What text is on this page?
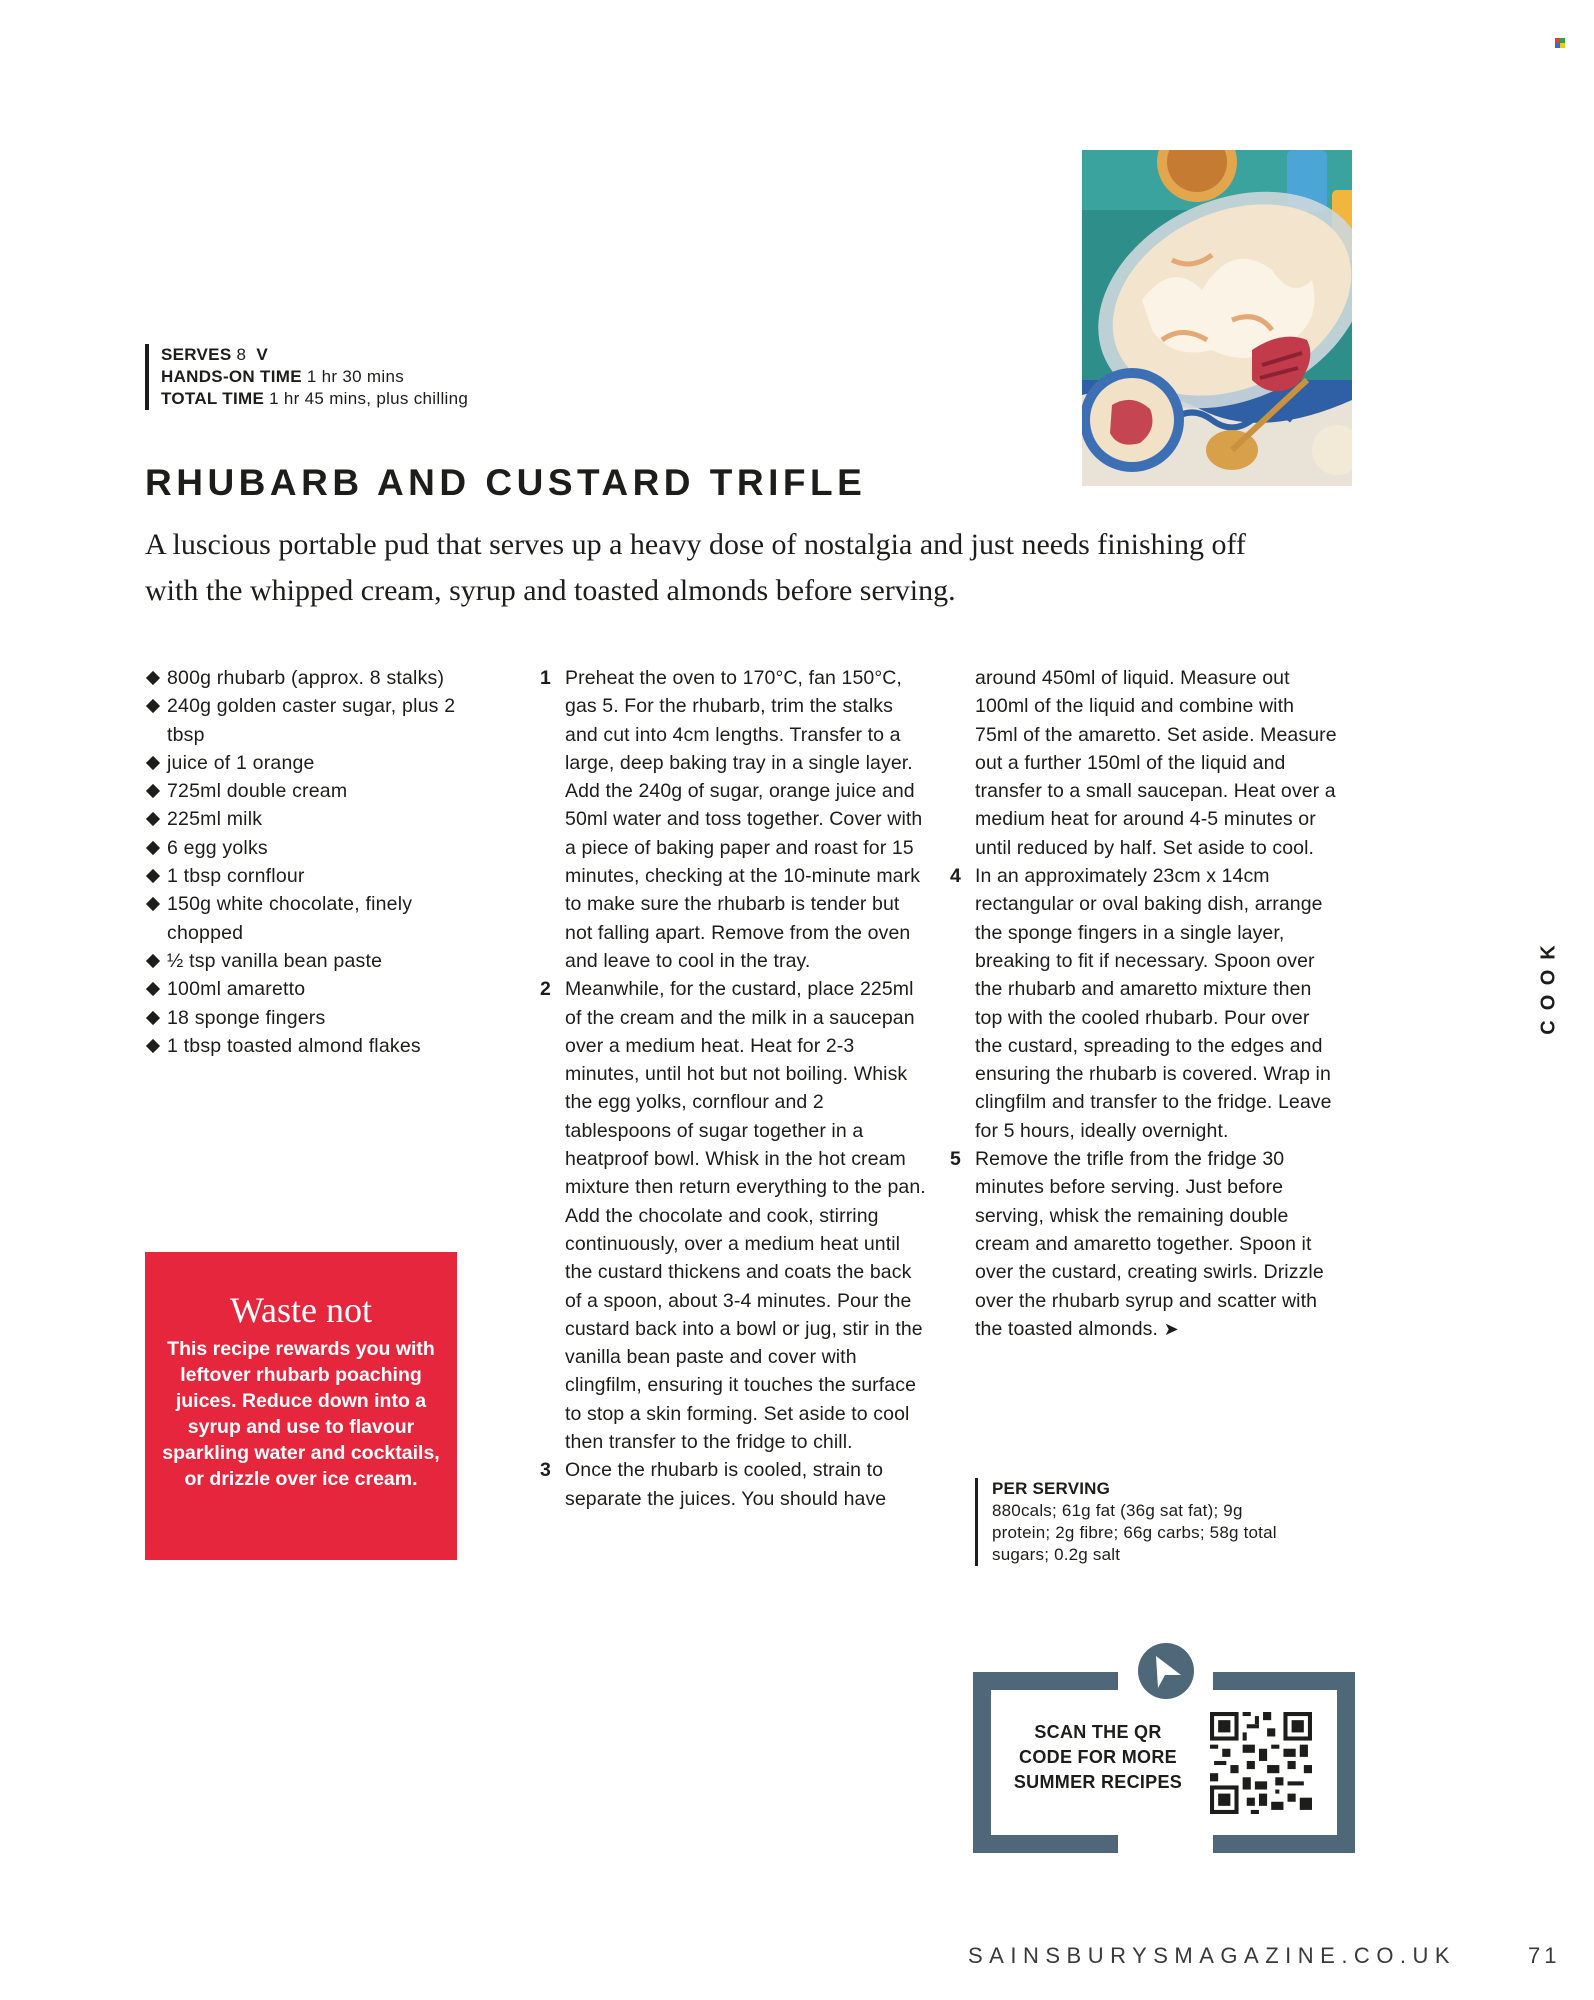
SERVES 8 V
HANDS-ON TIME 1 hr 30 mins
TOTAL TIME 1 hr 45 mins, plus chilling
RHUBARB AND CUSTARD TRIFLE

A luscious portable pud that serves up a heavy dose of nostalgia and just needs finishing off with the whipped cream, syrup and toasted almonds before serving.

800g rhubarb (approx. 8 stalks)
240g golden caster sugar, plus 2 tbsp
juice of 1 orange
725ml double cream
225ml milk
6 egg yolks
1 tbsp cornflour
150g white chocolate, finely chopped
½ tsp vanilla bean paste
100ml amaretto
18 sponge fingers
1 tbsp toasted almond flakes
1 Preheat the oven to 170°C, fan 150°C, gas 5. For the rhubarb, trim the stalks and cut into 4cm lengths. Transfer to a large, deep baking tray in a single layer. Add the 240g of sugar, orange juice and 50ml water and toss together. Cover with a piece of baking paper and roast for 15 minutes, checking at the 10-minute mark to make sure the rhubarb is tender but not falling apart. Remove from the oven and leave to cool in the tray.
2 Meanwhile, for the custard, place 225ml of the cream and the milk in a saucepan over a medium heat. Heat for 2-3 minutes, until hot but not boiling. Whisk the egg yolks, cornflour and 2 tablespoons of sugar together in a heatproof bowl. Whisk in the hot cream mixture then return everything to the pan. Add the chocolate and cook, stirring continuously, over a medium heat until the custard thickens and coats the back of a spoon, about 3-4 minutes. Pour the custard back into a bowl or jug, stir in the vanilla bean paste and cover with clingfilm, ensuring it touches the surface to stop a skin forming. Set aside to cool then transfer to the fridge to chill.
3 Once the rhubarb is cooled, strain to separate the juices. You should have
around 450ml of liquid. Measure out 100ml of the liquid and combine with 75ml of the amaretto. Set aside. Measure out a further 150ml of the liquid and transfer to a small saucepan. Heat over a medium heat for around 4-5 minutes or until reduced by half. Set aside to cool.
4 In an approximately 23cm x 14cm rectangular or oval baking dish, arrange the sponge fingers in a single layer, breaking to fit if necessary. Spoon over the rhubarb and amaretto mixture then top with the cooled rhubarb. Pour over the custard, spreading to the edges and ensuring the rhubarb is covered. Wrap in clingfilm and transfer to the fridge. Leave for 5 hours, ideally overnight.
5 Remove the trifle from the fridge 30 minutes before serving. Just before serving, whisk the remaining double cream and amaretto together. Spoon it over the custard, creating swirls. Drizzle over the rhubarb syrup and scatter with the toasted almonds. ➤
Waste not
This recipe rewards you with leftover rhubarb poaching juices. Reduce down into a syrup and use to flavour sparkling water and cocktails, or drizzle over ice cream.	PER SERVING
880cals; 61g fat (36g sat fat); 9g protein; 2g fibre; 66g carbs; 58g total sugars; 0.2g salt
SCAN THE QR CODE FOR MORE SUMMER RECIPES
K
O
O
C
SAINSBURYSMAGAZINE.CO.UK	71
